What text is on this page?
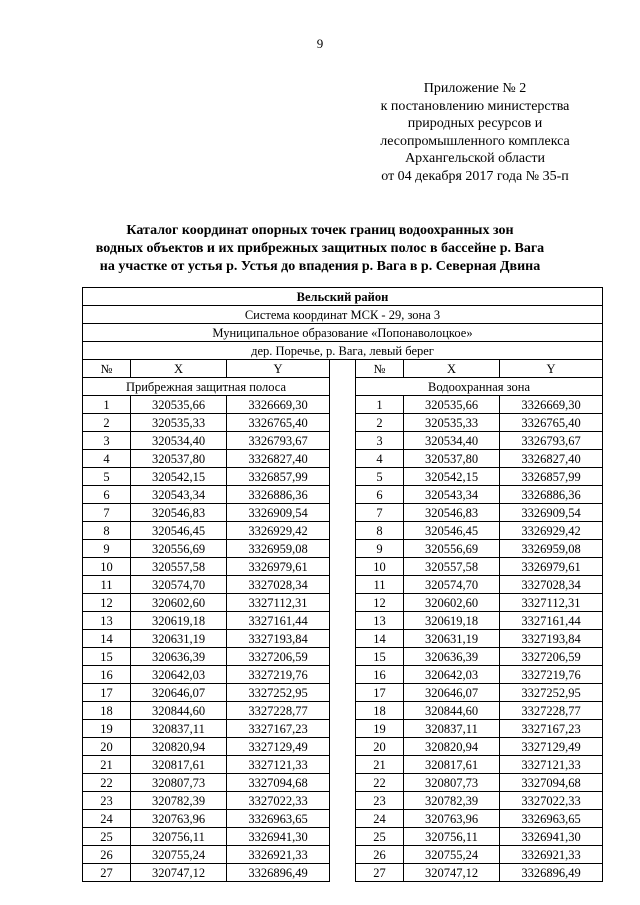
9
Приложение № 2
к постановлению министерства
природных ресурсов и
лесопромышленного комплекса
Архангельской области
от 04 декабря 2017 года № 35-п
Каталог координат опорных точек границ водоохранных зон
водных объектов и их прибрежных защитных полос в бассейне р. Вага
на участке от устья р. Устья до впадения р. Вага в р. Северная Двина
Вельский район						
Система координат МСК - 29, зона 3						
Муниципальное образование «Попонаволоцкое»						
дер. Поречье, р. Вага, левый берег						
№	X	Y		№	X	Y
Прибрежная защитная полоса				Водоохранная зона		
1	320535,66	3326669,30		1	320535,66	3326669,30
2	320535,33	3326765,40		2	320535,33	3326765,40
3	320534,40	3326793,67		3	320534,40	3326793,67
4	320537,80	3326827,40		4	320537,80	3326827,40
5	320542,15	3326857,99		5	320542,15	3326857,99
6	320543,34	3326886,36		6	320543,34	3326886,36
7	320546,83	3326909,54		7	320546,83	3326909,54
8	320546,45	3326929,42		8	320546,45	3326929,42
9	320556,69	3326959,08		9	320556,69	3326959,08
10	320557,58	3326979,61		10	320557,58	3326979,61
11	320574,70	3327028,34		11	320574,70	3327028,34
12	320602,60	3327112,31		12	320602,60	3327112,31
13	320619,18	3327161,44		13	320619,18	3327161,44
14	320631,19	3327193,84		14	320631,19	3327193,84
15	320636,39	3327206,59		15	320636,39	3327206,59
16	320642,03	3327219,76		16	320642,03	3327219,76
17	320646,07	3327252,95		17	320646,07	3327252,95
18	320844,60	3327228,77		18	320844,60	3327228,77
19	320837,11	3327167,23		19	320837,11	3327167,23
20	320820,94	3327129,49		20	320820,94	3327129,49
21	320817,61	3327121,33		21	320817,61	3327121,33
22	320807,73	3327094,68		22	320807,73	3327094,68
23	320782,39	3327022,33		23	320782,39	3327022,33
24	320763,96	3326963,65		24	320763,96	3326963,65
25	320756,11	3326941,30		25	320756,11	3326941,30
26	320755,24	3326921,33		26	320755,24	3326921,33
27	320747,12	3326896,49		27	320747,12	3326896,49
